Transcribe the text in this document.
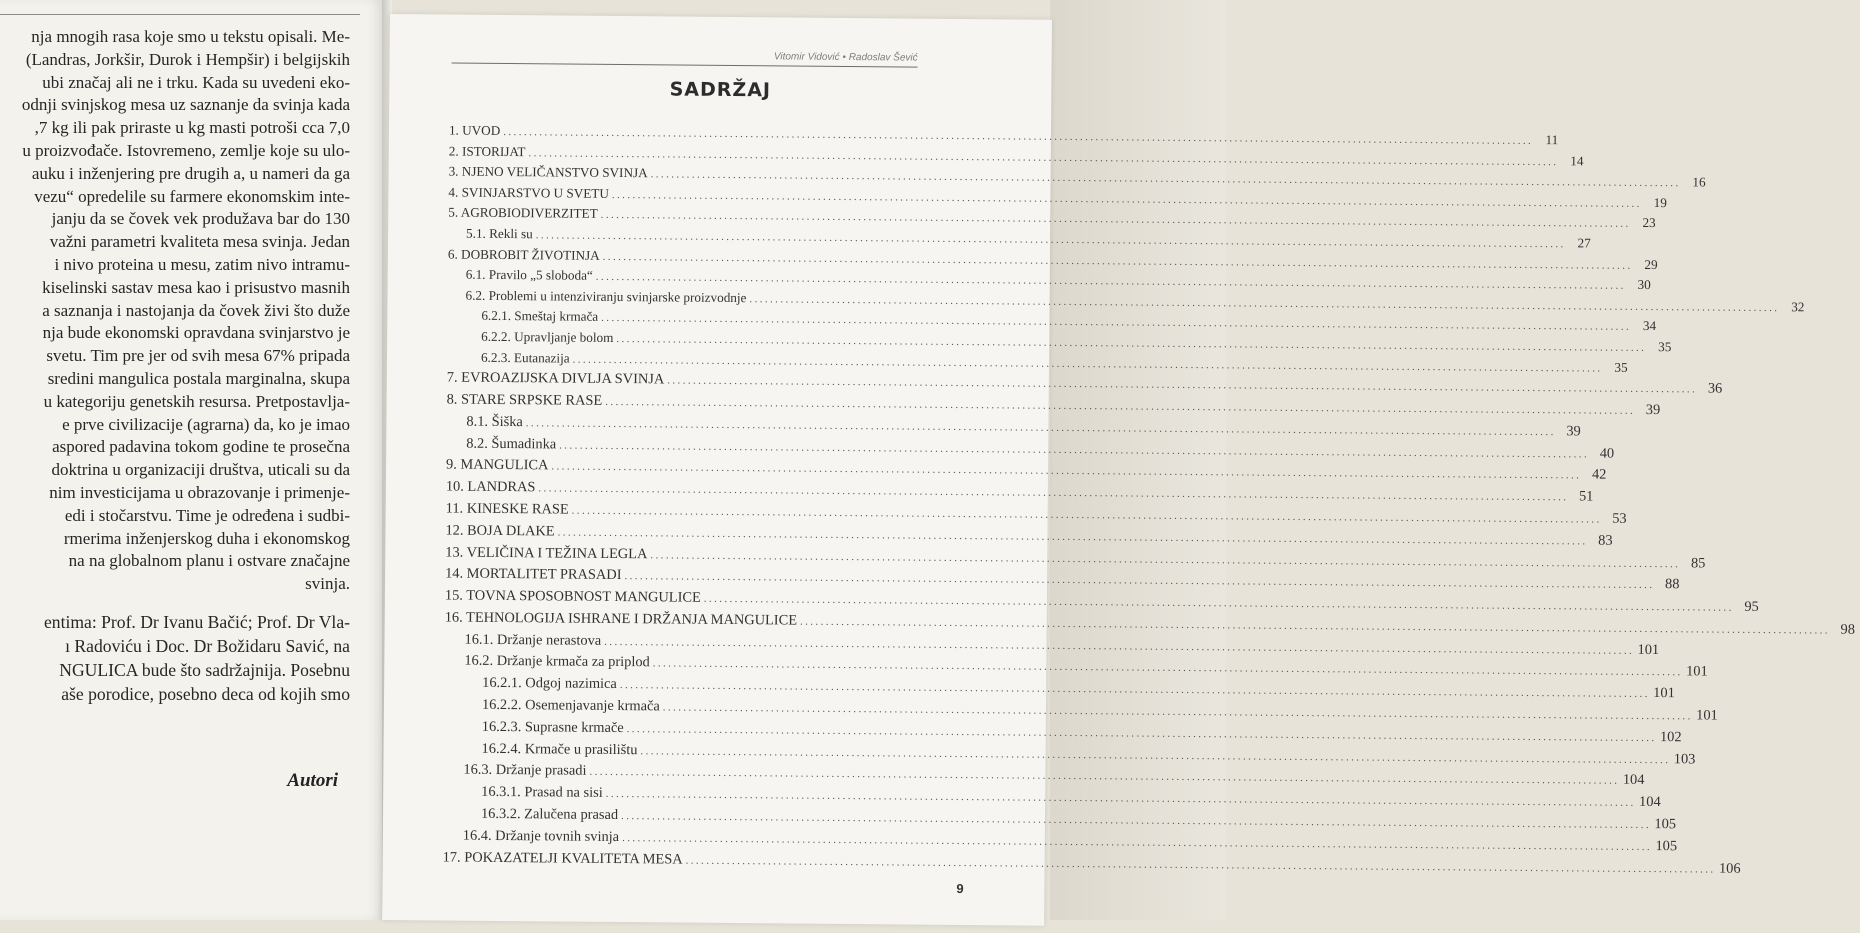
nja mnogih rasa koje smo u tekstu opisali. Me-
(Landras, Jorkšir, Durok i Hempšir) i belgijskih
ubi značaj ali ne i trku. Kada su uvedeni eko-
odnji svinjskog mesa uz saznanje da svinja kada
,7 kg ili pak priraste u kg masti potroši cca 7,0
u proizvođače. Istovremeno, zemlje koje su ulo-
auku i inženjering pre drugih a, u nameri da ga
vezu“ opredelile su farmere ekonomskim inte-
janju da se čovek vek produžava bar do 130
važni parametri kvaliteta mesa svinja. Jedan
i nivo proteina u mesu, zatim nivo intramu-
kiselinski sastav mesa kao i prisustvo masnih
a saznanja i nastojanja da čovek živi što duže
nja bude ekonomski opravdana svinjarstvo je
svetu. Tim pre jer od svih mesa 67% pripada
sredini mangulica postala marginalna, skupa
u kategoriju genetskih resursa. Pretpostavlja-
e prve civilizacije (agrarna) da, ko je imao
aspored padavina tokom godine te prosečna
doktrina u organizaciji društva, uticali su da
nim investicijama u obrazovanje i primenje-
edi i stočarstvu. Time je određena i sudbi-
rmerima inženjerskog duha i ekonomskog
na na globalnom planu i ostvare značajne
svinja.
entima: Prof. Dr Ivanu Bačić; Prof. Dr Vla-
ı Radoviću i Doc. Dr Božidaru Savić, na
NGULICA bude što sadržajnija. Posebnu
aše porodice, posebno deca od kojih smo
Autori
Vitomir Vidović • Radoslav Šević
SADRŽAJ
1. UVOD ........................................................................................................................................................................................................ 11
2. ISTORIJAT ........................................................................................................................................................................................................ 14
3. NJENO VELIČANSTVO SVINJA ........................................................................................................................................................................................................ 16
4. SVINJARSTVO U SVETU ........................................................................................................................................................................................................ 19
5. AGROBIODIVERZITET ........................................................................................................................................................................................................ 23
5.1. Rekli su ........................................................................................................................................................................................................ 27
6. DOBROBIT ŽIVOTINJA ........................................................................................................................................................................................................ 29
6.1. Pravilo „5 sloboda“ ........................................................................................................................................................................................................ 30
6.2. Problemi u intenziviranju svinjarske proizvodnje ........................................................................................................................................................................................................ 32
6.2.1. Smeštaj krmača ........................................................................................................................................................................................................ 34
6.2.2. Upravljanje bolom ........................................................................................................................................................................................................ 35
6.2.3. Eutanazija ........................................................................................................................................................................................................ 35
7. EVROAZIJSKA DIVLJA SVINJA ........................................................................................................................................................................................................ 36
8. STARE SRPSKE RASE ........................................................................................................................................................................................................ 39
8.1. Šiška ........................................................................................................................................................................................................ 39
8.2. Šumadinka ........................................................................................................................................................................................................ 40
9. MANGULICA ........................................................................................................................................................................................................ 42
10. LANDRAS ........................................................................................................................................................................................................ 51
11. KINESKE RASE ........................................................................................................................................................................................................ 53
12. BOJA DLAKE ........................................................................................................................................................................................................ 83
13. VELIČINA I TEŽINA LEGLA ........................................................................................................................................................................................................ 85
14. MORTALITET PRASADI ........................................................................................................................................................................................................ 88
15. TOVNA SPOSOBNOST MANGULICE ........................................................................................................................................................................................................ 95
16. TEHNOLOGIJA ISHRANE I DRŽANJA MANGULICE ........................................................................................................................................................................................................ 98
16.1. Držanje nerastova ........................................................................................................................................................................................................ 101
16.2. Držanje krmača za priplod ........................................................................................................................................................................................................ 101
16.2.1. Odgoj nazimica ........................................................................................................................................................................................................ 101
16.2.2. Osemenjavanje krmača ........................................................................................................................................................................................................ 101
16.2.3. Suprasne krmače ........................................................................................................................................................................................................ 102
16.2.4. Krmače u prasilištu ........................................................................................................................................................................................................ 103
16.3. Držanje prasadi ........................................................................................................................................................................................................ 104
16.3.1. Prasad na sisi ........................................................................................................................................................................................................ 104
16.3.2. Zalučena prasad ........................................................................................................................................................................................................ 105
16.4. Držanje tovnih svinja ........................................................................................................................................................................................................ 105
17. POKAZATELJI KVALITETA MESA ........................................................................................................................................................................................................ 106
9
